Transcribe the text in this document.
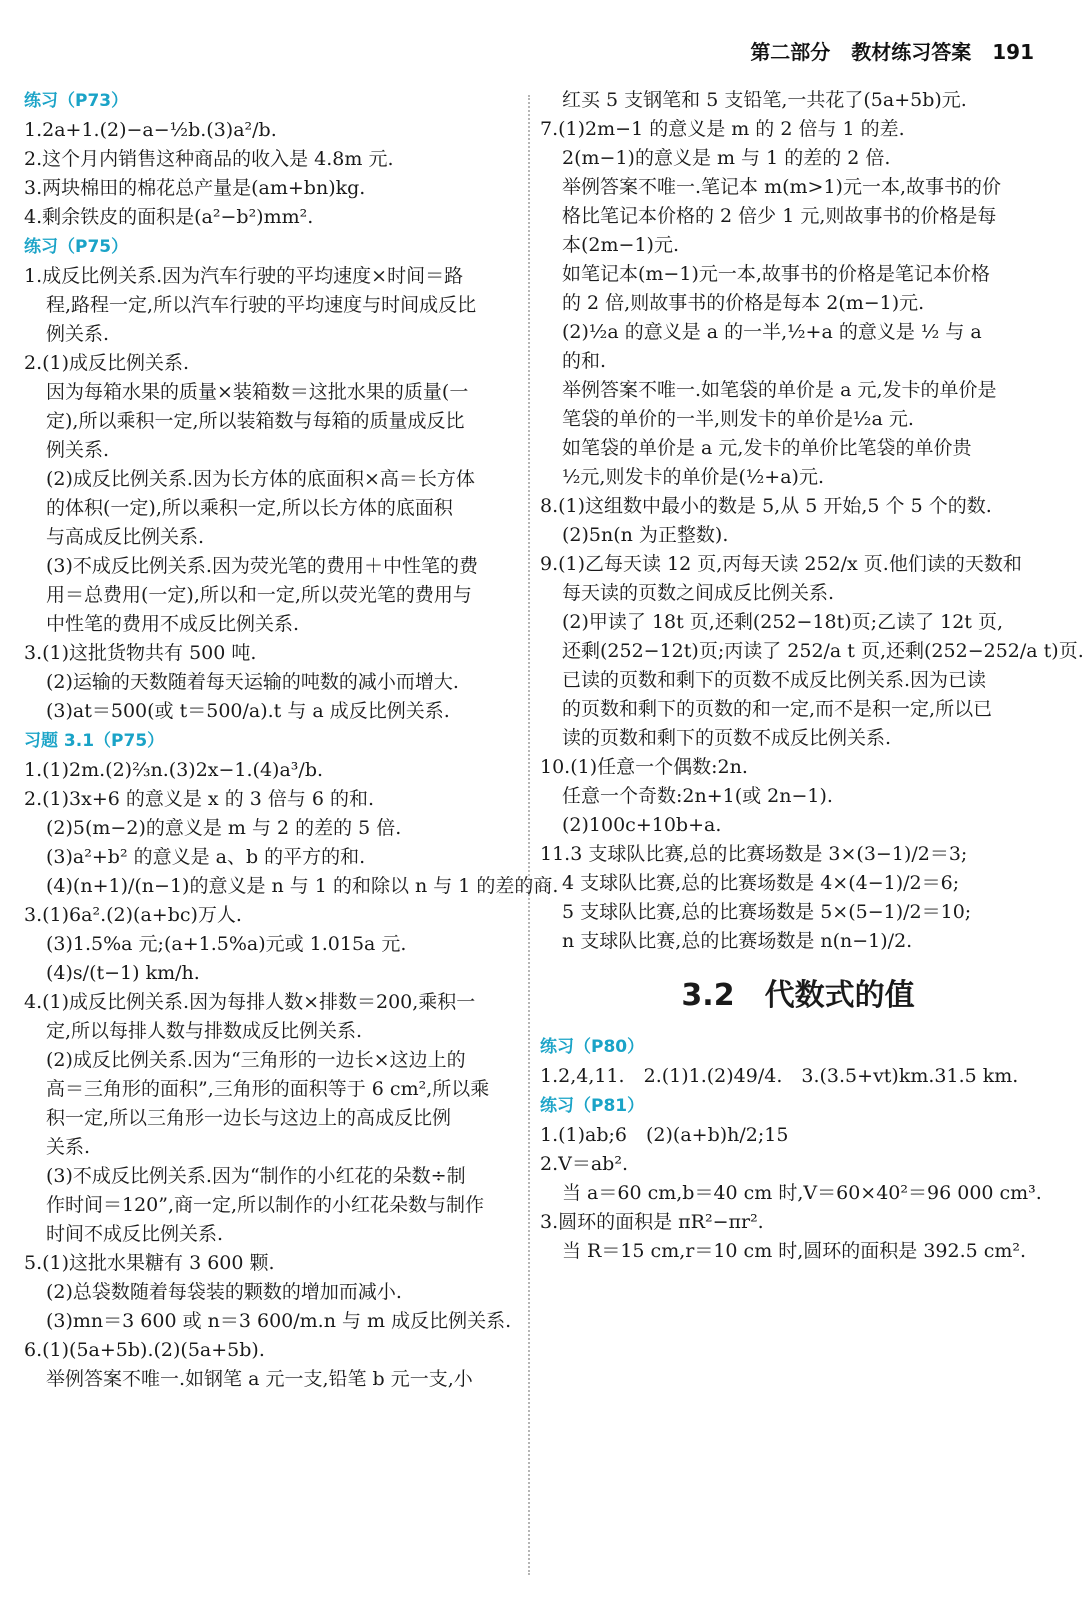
第二部分 教材练习答案 191
练习（P73）
1.2a+1.(2)−a−½b.(3)a²/b.
2.这个月内销售这种商品的收入是 4.8m 元.
3.两块棉田的棉花总产量是(am+bn)kg.
4.剩余铁皮的面积是(a²−b²)mm².
练习（P75）
1.成反比例关系.因为汽车行驶的平均速度×时间＝路
程,路程一定,所以汽车行驶的平均速度与时间成反比
例关系.
2.(1)成反比例关系.
因为每箱水果的质量×装箱数＝这批水果的质量(一
定),所以乘积一定,所以装箱数与每箱的质量成反比
例关系.
(2)成反比例关系.因为长方体的底面积×高＝长方体
的体积(一定),所以乘积一定,所以长方体的底面积
与高成反比例关系.
(3)不成反比例关系.因为荧光笔的费用＋中性笔的费
用＝总费用(一定),所以和一定,所以荧光笔的费用与
中性笔的费用不成反比例关系.
3.(1)这批货物共有 500 吨.
(2)运输的天数随着每天运输的吨数的减小而增大.
(3)at＝500(或 t＝500/a).t 与 a 成反比例关系.
习题 3.1（P75）
1.(1)2m.(2)⅔n.(3)2x−1.(4)a³/b.
2.(1)3x+6 的意义是 x 的 3 倍与 6 的和.
(2)5(m−2)的意义是 m 与 2 的差的 5 倍.
(3)a²+b² 的意义是 a、b 的平方的和.
(4)(n+1)/(n−1)的意义是 n 与 1 的和除以 n 与 1 的差的商.
3.(1)6a².(2)(a+bc)万人.
(3)1.5%a 元;(a+1.5%a)元或 1.015a 元.
(4)s/(t−1) km/h.
4.(1)成反比例关系.因为每排人数×排数＝200,乘积一
定,所以每排人数与排数成反比例关系.
(2)成反比例关系.因为“三角形的一边长×这边上的
高＝三角形的面积”,三角形的面积等于 6 cm²,所以乘
积一定,所以三角形一边长与这边上的高成反比例
关系.
(3)不成反比例关系.因为“制作的小红花的朵数÷制
作时间＝120”,商一定,所以制作的小红花朵数与制作
时间不成反比例关系.
5.(1)这批水果糖有 3 600 颗.
(2)总袋数随着每袋装的颗数的增加而减小.
(3)mn＝3 600 或 n＝3 600/m.n 与 m 成反比例关系.
6.(1)(5a+5b).(2)(5a+5b).
举例答案不唯一.如钢笔 a 元一支,铅笔 b 元一支,小
红买 5 支钢笔和 5 支铅笔,一共花了(5a+5b)元.
7.(1)2m−1 的意义是 m 的 2 倍与 1 的差.
2(m−1)的意义是 m 与 1 的差的 2 倍.
举例答案不唯一.笔记本 m(m>1)元一本,故事书的价
格比笔记本价格的 2 倍少 1 元,则故事书的价格是每
本(2m−1)元.
如笔记本(m−1)元一本,故事书的价格是笔记本价格
的 2 倍,则故事书的价格是每本 2(m−1)元.
(2)½a 的意义是 a 的一半,½+a 的意义是 ½ 与 a
的和.
举例答案不唯一.如笔袋的单价是 a 元,发卡的单价是
笔袋的单价的一半,则发卡的单价是½a 元.
如笔袋的单价是 a 元,发卡的单价比笔袋的单价贵
½元,则发卡的单价是(½+a)元.
8.(1)这组数中最小的数是 5,从 5 开始,5 个 5 个的数.
(2)5n(n 为正整数).
9.(1)乙每天读 12 页,丙每天读 252/x 页.他们读的天数和
每天读的页数之间成反比例关系.
(2)甲读了 18t 页,还剩(252−18t)页;乙读了 12t 页,
还剩(252−12t)页;丙读了 252/a t 页,还剩(252−252/a t)页.
已读的页数和剩下的页数不成反比例关系.因为已读
的页数和剩下的页数的和一定,而不是积一定,所以已
读的页数和剩下的页数不成反比例关系.
10.(1)任意一个偶数:2n.
任意一个奇数:2n+1(或 2n−1).
(2)100c+10b+a.
11.3 支球队比赛,总的比赛场数是 3×(3−1)/2＝3;
4 支球队比赛,总的比赛场数是 4×(4−1)/2＝6;
5 支球队比赛,总的比赛场数是 5×(5−1)/2＝10;
n 支球队比赛,总的比赛场数是 n(n−1)/2.
3.2　代数式的值
练习（P80）
1.2,4,11.　2.(1)1.(2)49/4.　3.(3.5+vt)km.31.5 km.
练习（P81）
1.(1)ab;6　(2)(a+b)h/2;15
2.V＝ab².
当 a＝60 cm,b＝40 cm 时,V＝60×40²＝96 000 cm³.
3.圆环的面积是 πR²−πr².
当 R＝15 cm,r＝10 cm 时,圆环的面积是 392.5 cm².
